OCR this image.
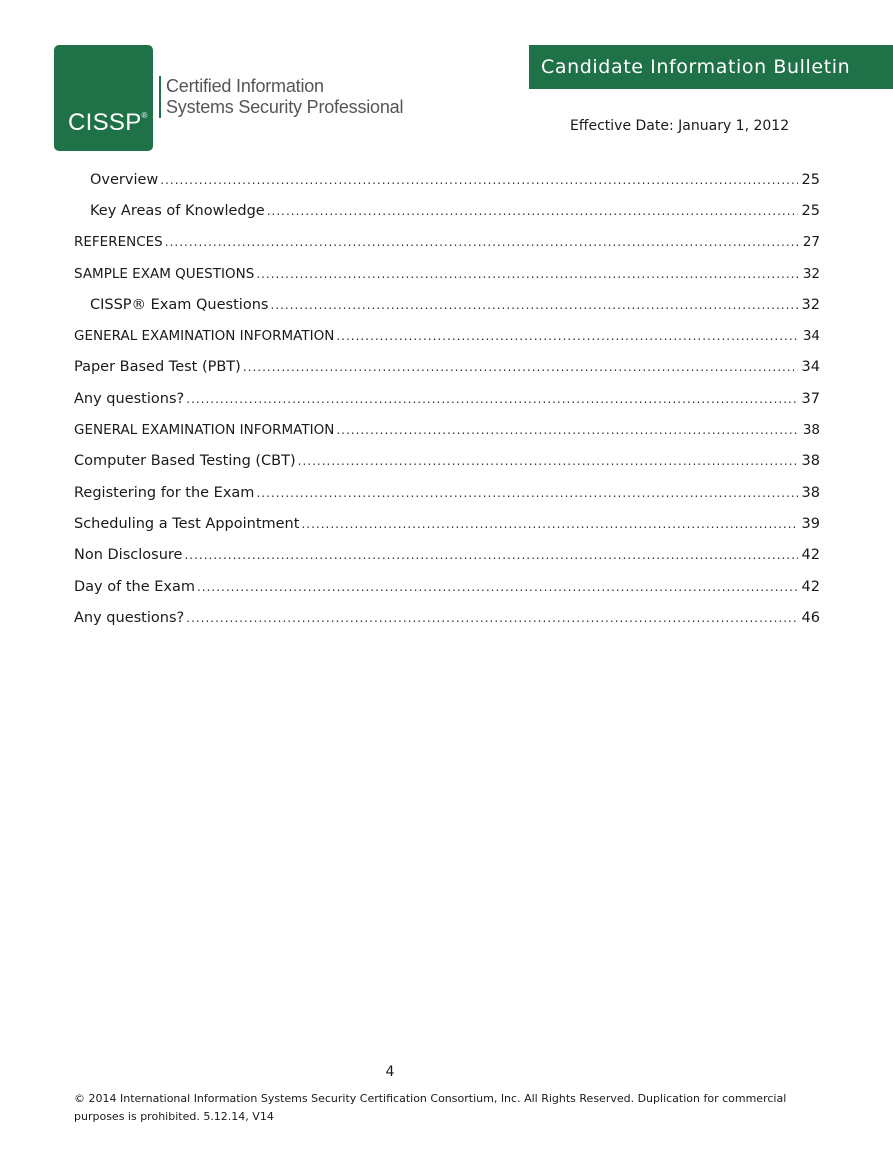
CISSP®
Certified Information
Systems Security Professional
Candidate Information Bulletin
Effective Date: January 1, 2012
Overview .....	25
Key Areas of Knowledge .....	25
REFERENCES .....	27
SAMPLE EXAM QUESTIONS .....	32
CISSP® Exam Questions .....	32
GENERAL EXAMINATION INFORMATION .....	34
Paper Based Test (PBT) .....	34
Any questions? .....	37
GENERAL EXAMINATION INFORMATION .....	38
Computer Based Testing (CBT) .....	38
Registering for the Exam .....	38
Scheduling a Test Appointment .....	39
Non Disclosure .....	42
Day of the Exam .....	42
Any questions? .....	46
4
© 2014 International Information Systems Security Certification Consortium, Inc. All Rights Reserved. Duplication for commercial
purposes is prohibited. 5.12.14, V14
